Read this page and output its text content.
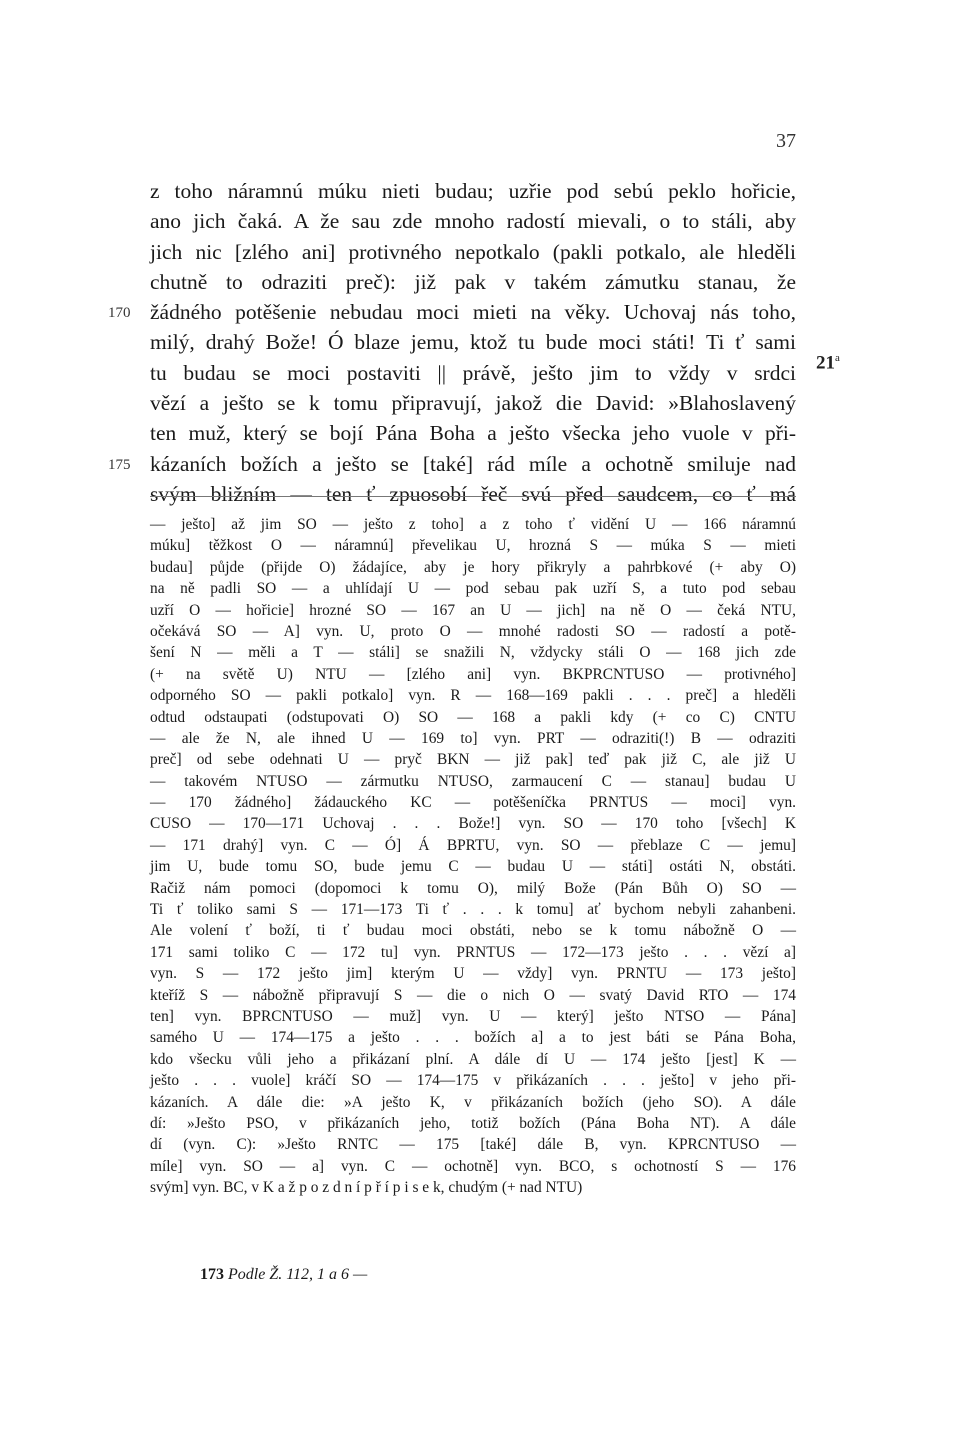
37
z toho náramnú múku nieti budau; uzřie pod sebú peklo hořicie,
ano jich čaká. A že sau zde mnoho radostí mievali, o to stáli, aby
jich nic [zlého ani] protivného nepotkalo (pakli potkalo, ale hleděli
chutně to odraziti preč): již pak v takém zámutku stanau, že
žádného potěšenie nebudau moci mieti na věky. Uchovaj nás toho,
170
milý, drahý Bože! Ó blaze jemu, ktož tu bude moci státi! Ti ť sami
tu budau se moci postaviti || právě, ješto jim to vždy v srdci
vězí a ješto se k tomu připravují, jakož die David: »Blahoslavený
ten muž, který se bojí Pána Boha a ješto všecka jeho vuole v při-
kázaních božích a ješto se [také] rád míle a ochotně smiluje nad
175
svým bližním — ten ť zpuosobí řeč svú před saudcem, co ť má
21$^a$
— ješto] až jim SO — ješto z toho] a z toho ť vidění U — 166 náramnú
múku] těžkost O — náramnú] převelikau U, hrozná S — múka S — mieti
budau] půjde (přijde O) žádajíce, aby je hory přikryly a pahrbkové (+ aby O)
na ně padli SO — a uhlídají U — pod sebau pak uzří S, a tuto pod sebau
uzří O — hořicie] hrozné SO — 167 an U — jich] na ně O — čeká NTU,
očekává SO — A] vyn. U, proto O — mnohé radosti SO — radostí a potě-
šení N — měli a T — stáli] se snažili N, vždycky stáli O — 168 jich zde
(+ na světě U) NTU — [zlého ani] vyn. BKPRCNTUSO — protivného]
odporného SO — pakli potkalo] vyn. R — 168—169 pakli . . . preč] a hleděli
odtud odstaupati (odstupovati O) SO — 168 a pakli kdy (+ co C) CNTU
— ale že N, ale ihned U — 169 to] vyn. PRT — odraziti(!) B — odraziti
preč] od sebe odehnati U — pryč BKN — již pak] teď pak již C, ale již U
— takovém NTUSO — zármutku NTUSO, zarmaucení C — stanau] budau U
— 170 žádného] žádauckého KC — potěšeníčka PRNTUS — moci] vyn.
CUSO — 170—171 Uchovaj . . . Bože!] vyn. SO — 170 toho [všech] K
— 171 drahý] vyn. C — Ó] Á BPRTU, vyn. SO — přeblaze C — jemu]
jim U, bude tomu SO, bude jemu C — budau U — státi] ostáti N, obstáti.
Račiž nám pomoci (dopomoci k tomu O), milý Bože (Pán Bůh O) SO —
Ti ť toliko sami S — 171—173 Ti ť . . . k tomu] ať bychom nebyli zahanbeni.
Ale volení ť boží, ti ť budau moci obstáti, nebo se k tomu nábožně O —
171 sami toliko C — 172 tu] vyn. PRNTUS — 172—173 ješto . . . vězí a]
vyn. S — 172 ješto jim] kterým U — vždy] vyn. PRNTU — 173 ješto]
kteříž S — nábožně připravují S — die o nich O — svatý David RTO — 174
ten] vyn. BPRCNTUSO — muž] vyn. U — který] ješto NTSO — Pána]
samého U — 174—175 a ješto . . . božích a] a to jest báti se Pána Boha,
kdo všecku vůli jeho a přikázaní plní. A dále dí U — 174 ješto [jest] K —
ješto . . . vuole] kráčí SO — 174—175 v přikázaních . . . ješto] v jeho při-
kázaních. A dále die: »A ješto K, v přikázaních božích (jeho SO). A dále
dí: »Ješto PSO, v přikázaních jeho, totiž božích (Pána Boha NT). A dále
dí (vyn. C): »Ješto RNTC — 175 [také] dále B, vyn. KPRCNTUSO —
míle] vyn. SO — a] vyn. C — ochotně] vyn. BCO, s ochotností S — 176
svým] vyn. BC, v K a ž p o z d n í p ř í p i s e k, chudým (+ nad NTU)
173 Podle Ž. 112, 1 a 6 —
